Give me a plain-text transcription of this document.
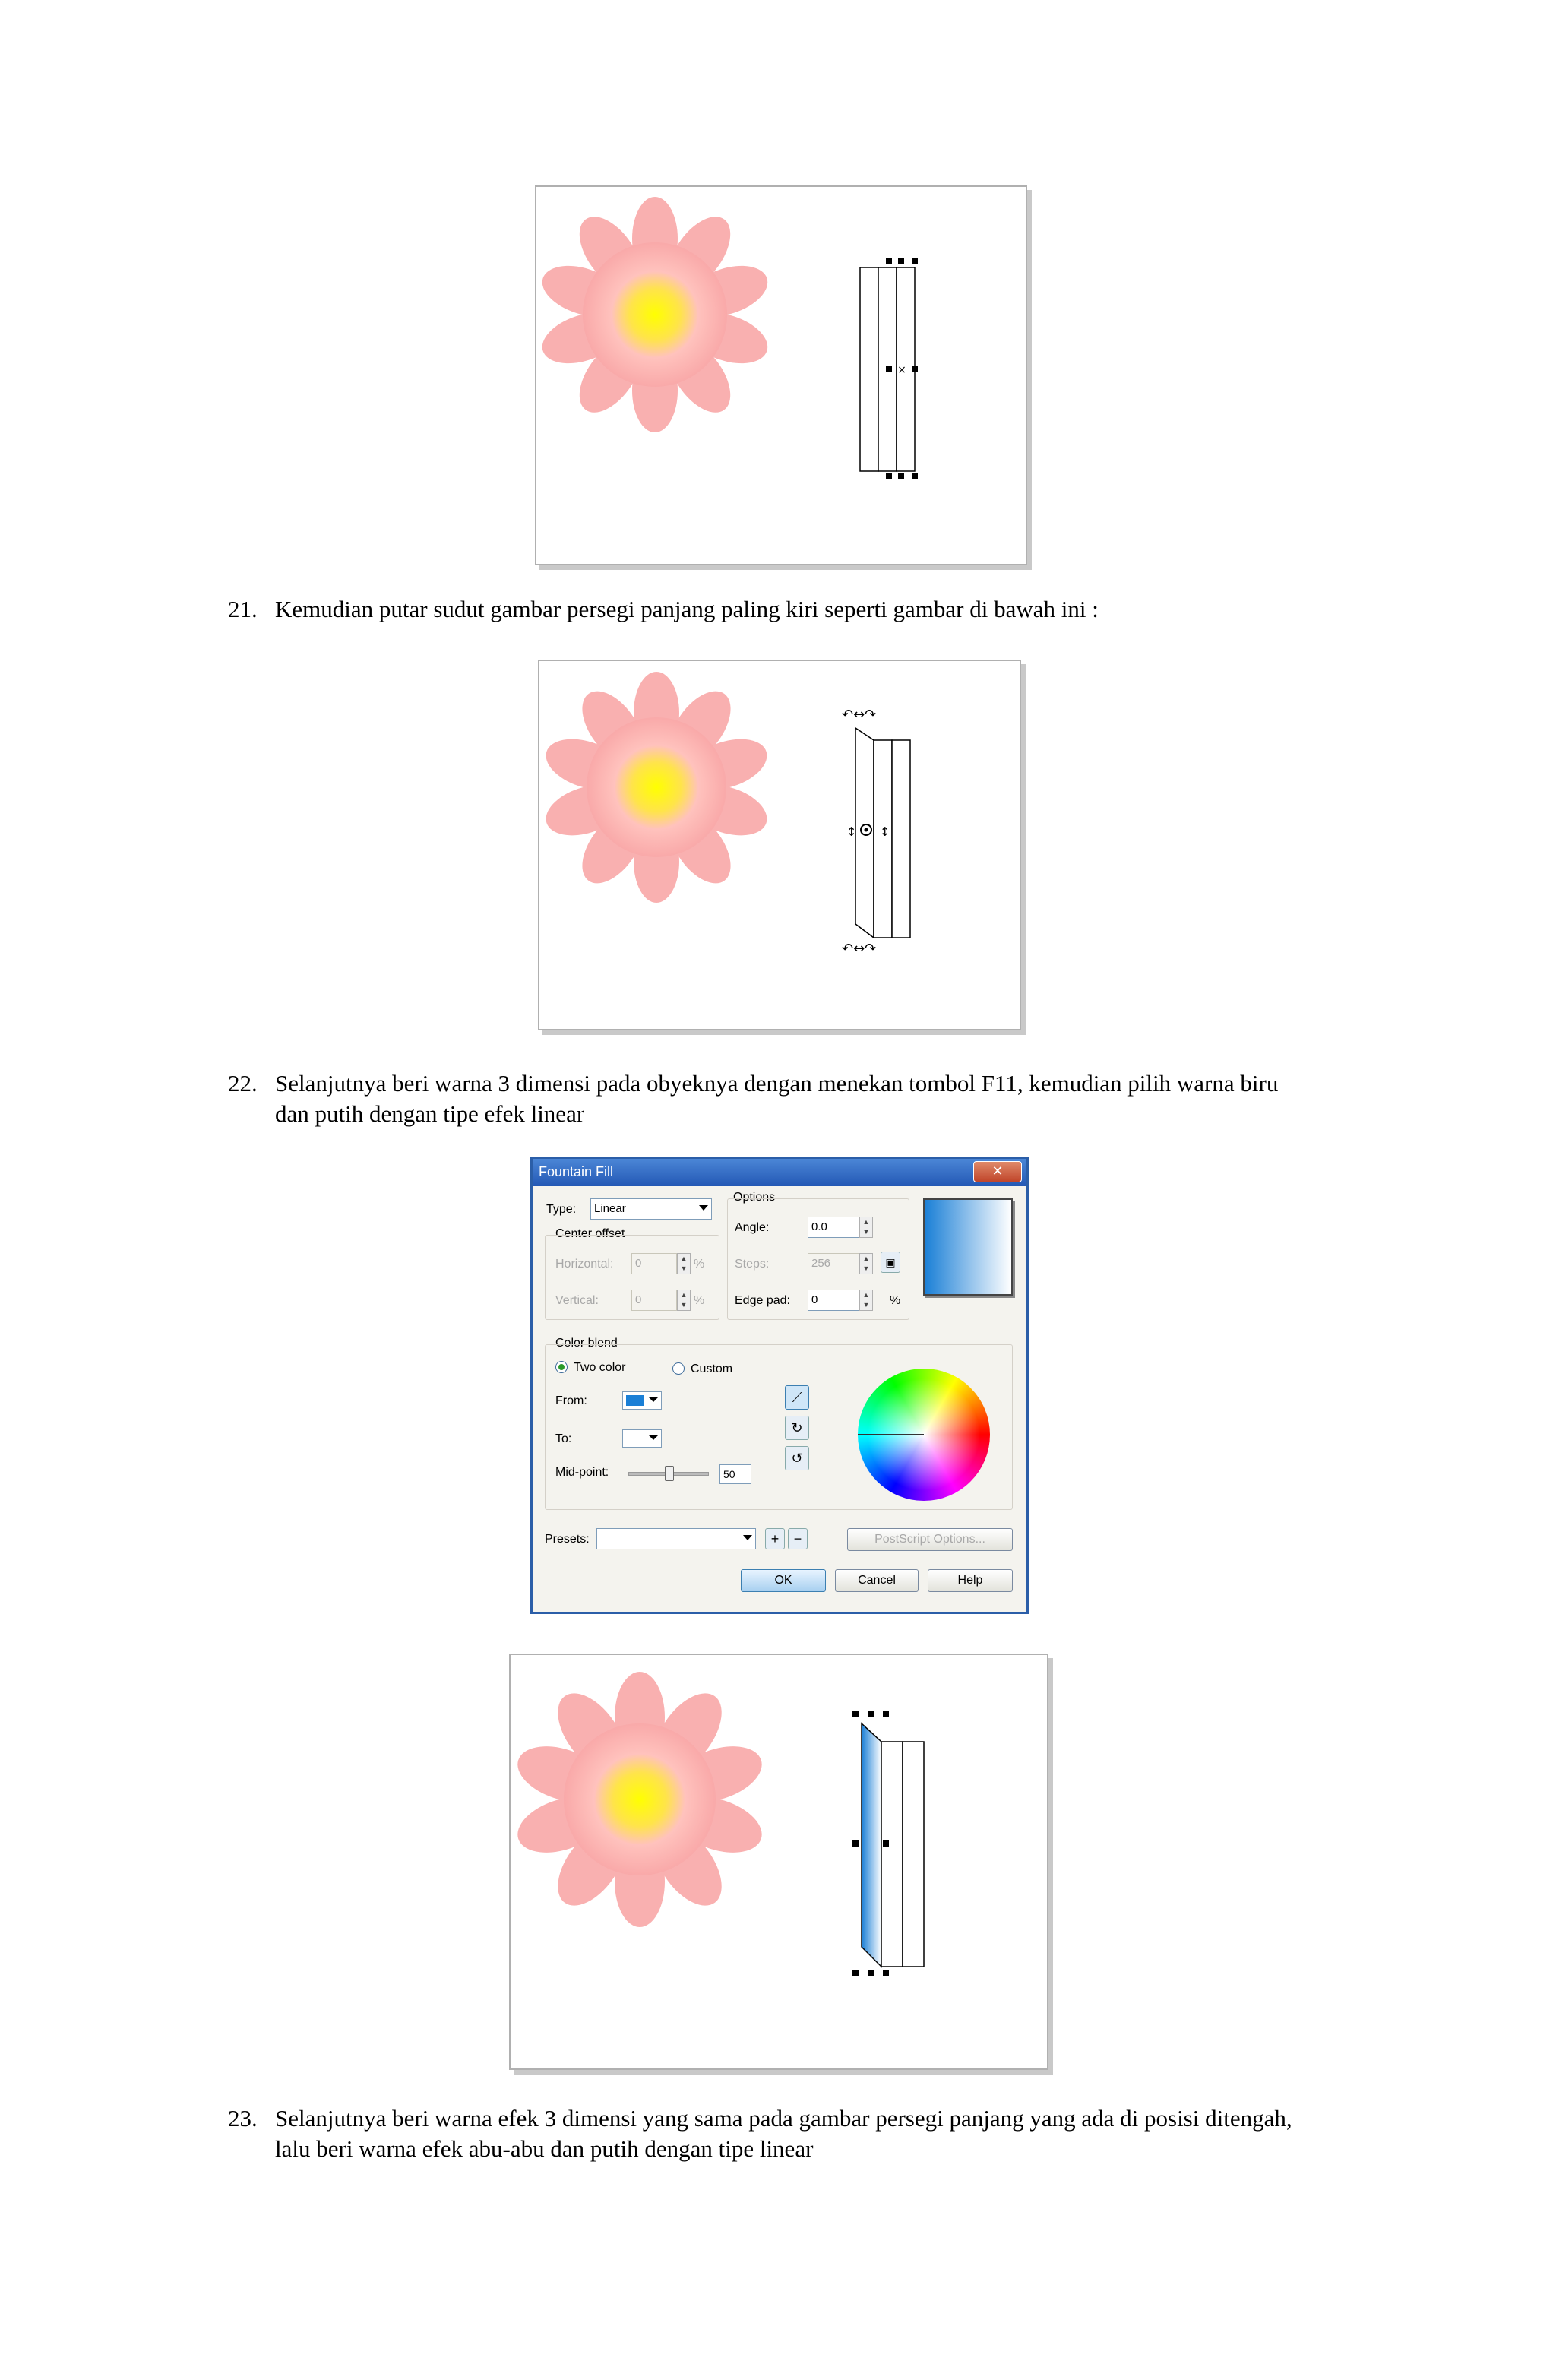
×
21. Kemudian putar sudut gambar persegi panjang paling kiri seperti gambar di bawah ini :
↶↔↷
↶↔↷
↕ ↕
22. Selanjutnya beri warna 3 dimensi pada obyeknya dengan menekan tombol F11, kemudian pilih warna biru
dan putih dengan tipe efek linear
Fountain Fill	✕
Type: Linear
Center offset
Horizontal:	0	▲
▼ %
Vertical:	0	▲
▼ %
Options
Angle:	0.0	▲
▼
Steps:	256	▲
▼	▣
Edge pad:	0	▲
▼ %
Color blend
Two color	Custom
From:
To:
Mid-point:	50
⟋
↻
↺
Presets:	+	−	PostScript Options...
OK	Cancel	Help
23. Selanjutnya beri warna efek 3 dimensi yang sama pada gambar persegi panjang yang ada di posisi ditengah,
lalu beri warna efek abu-abu dan putih dengan tipe linear
